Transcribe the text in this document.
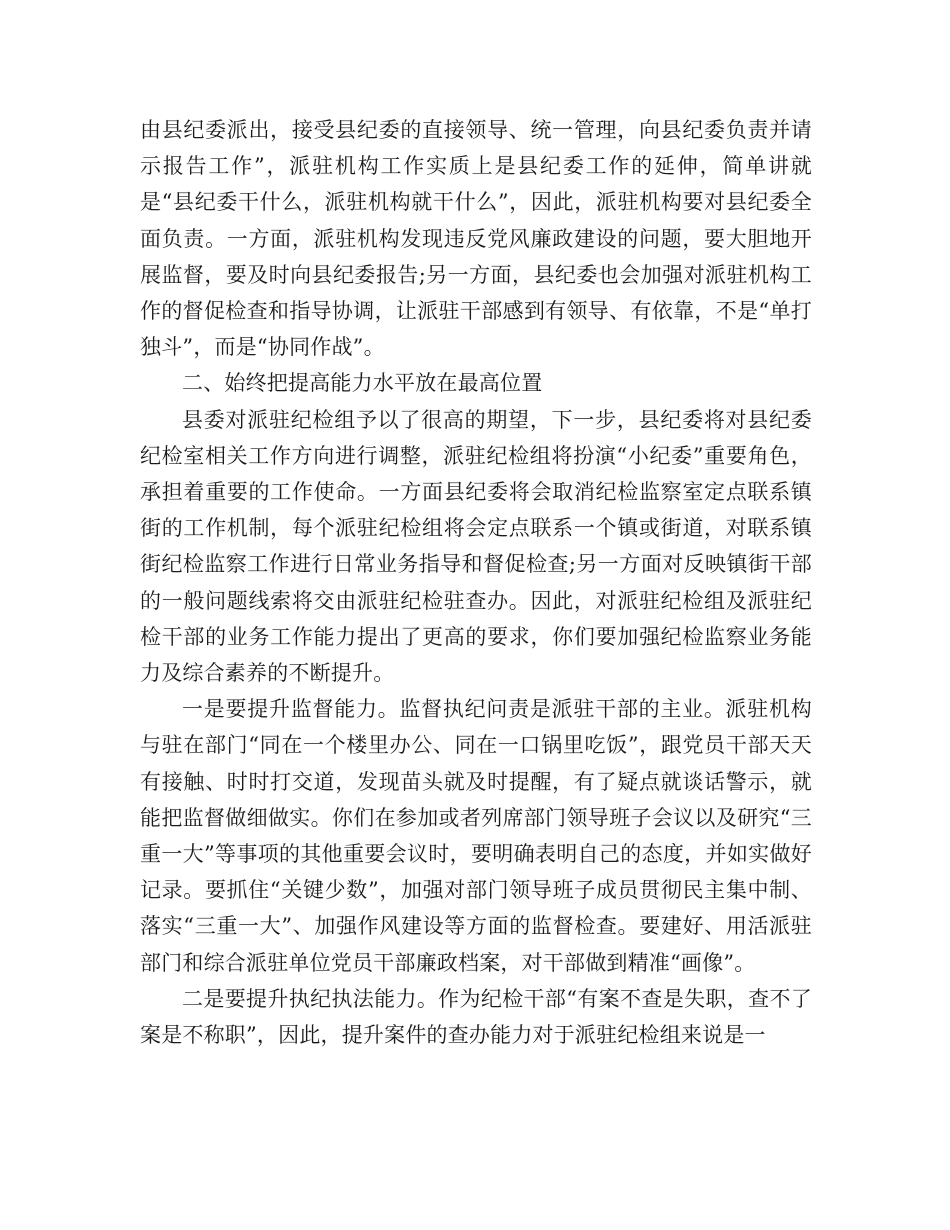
由县纪委派出，接受县纪委的直接领导、统一管理，向县纪委负责并请示报告工作”，派驻机构工作实质上是县纪委工作的延伸，简单讲就是“县纪委干什么，派驻机构就干什么”，因此，派驻机构要对县纪委全面负责。一方面，派驻机构发现违反党风廉政建设的问题，要大胆地开展监督，要及时向县纪委报告;另一方面，县纪委也会加强对派驻机构工作的督促检查和指导协调，让派驻干部感到有领导、有依靠，不是“单打独斗”，而是“协同作战”。

二、始终把提高能力水平放在最高位置

县委对派驻纪检组予以了很高的期望，下一步，县纪委将对县纪委纪检室相关工作方向进行调整，派驻纪检组将扮演“小纪委”重要角色，承担着重要的工作使命。一方面县纪委将会取消纪检监察室定点联系镇街的工作机制，每个派驻纪检组将会定点联系一个镇或街道，对联系镇街纪检监察工作进行日常业务指导和督促检查;另一方面对反映镇街干部的一般问题线索将交由派驻纪检驻查办。因此，对派驻纪检组及派驻纪检干部的业务工作能力提出了更高的要求，你们要加强纪检监察业务能力及综合素养的不断提升。

一是要提升监督能力。监督执纪问责是派驻干部的主业。派驻机构与驻在部门“同在一个楼里办公、同在一口锅里吃饭”，跟党员干部天天有接触、时时打交道，发现苗头就及时提醒，有了疑点就谈话警示，就能把监督做细做实。你们在参加或者列席部门领导班子会议以及研究“三重一大”等事项的其他重要会议时，要明确表明自己的态度，并如实做好记录。要抓住“关键少数”，加强对部门领导班子成员贯彻民主集中制、落实“三重一大”、加强作风建设等方面的监督检查。要建好、用活派驻部门和综合派驻单位党员干部廉政档案，对干部做到精准“画像”。

二是要提升执纪执法能力。作为纪检干部“有案不查是失职，查不了案是不称职”，因此，提升案件的查办能力对于派驻纪检组来说是一
